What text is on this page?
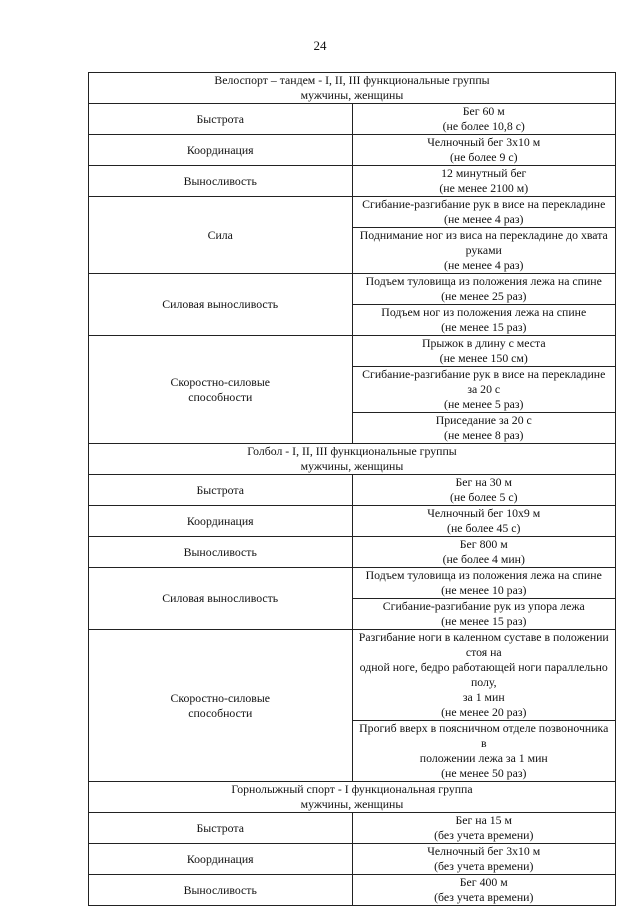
24
Велоспорт – тандем - I, II, III функциональные группы
мужчины, женщины	

Быстрота	Бег 60 м
(не более 10,8 с)

Координация	Челночный бег 3х10 м
(не более 9 с)

Выносливость	12 минутный бег
(не менее 2100 м)

Сила	Сгибание-разгибание рук в висе на перекладине
(не менее 4 раз)

	Поднимание ног из виса на перекладине до хвата руками
(не менее 4 раз)

Силовая выносливость	Подъем туловища из положения лежа на спине
(не менее 25 раз)

	Подъем ног из положения лежа на спине
(не менее 15 раз)

Скоростно-силовые
способности	Прыжок в длину с места
(не менее 150 см)

	Сгибание-разгибание рук в висе на перекладине за 20 с
(не менее 5 раз)

	Приседание за 20 с
(не менее 8 раз)

Голбол - I, II, III функциональные группы
мужчины, женщины	

Быстрота	Бег на 30 м
(не более 5 с)

Координация	Челночный бег 10х9 м
(не более 45 с)

Выносливость	Бег 800 м
(не более 4 мин)

Силовая выносливость	Подъем туловища из положения лежа на спине
(не менее 10 раз)

	Сгибание-разгибание рук из упора лежа
(не менее 15 раз)

Скоростно-силовые
способности	Разгибание ноги в каленном суставе в положении стоя на
одной ноге, бедро работающей ноги параллельно полу,
за 1 мин
(не менее 20 раз)

	Прогиб вверх в поясничном отделе позвоночника в
положении лежа за 1 мин
(не менее 50 раз)

Горнолыжный спорт - I функциональная группа
мужчины, женщины	

Быстрота	Бег на 15 м
(без учета времени)

Координация	Челночный бег 3х10 м
(без учета времени)

Выносливость	Бег 400 м
(без учета времени)
